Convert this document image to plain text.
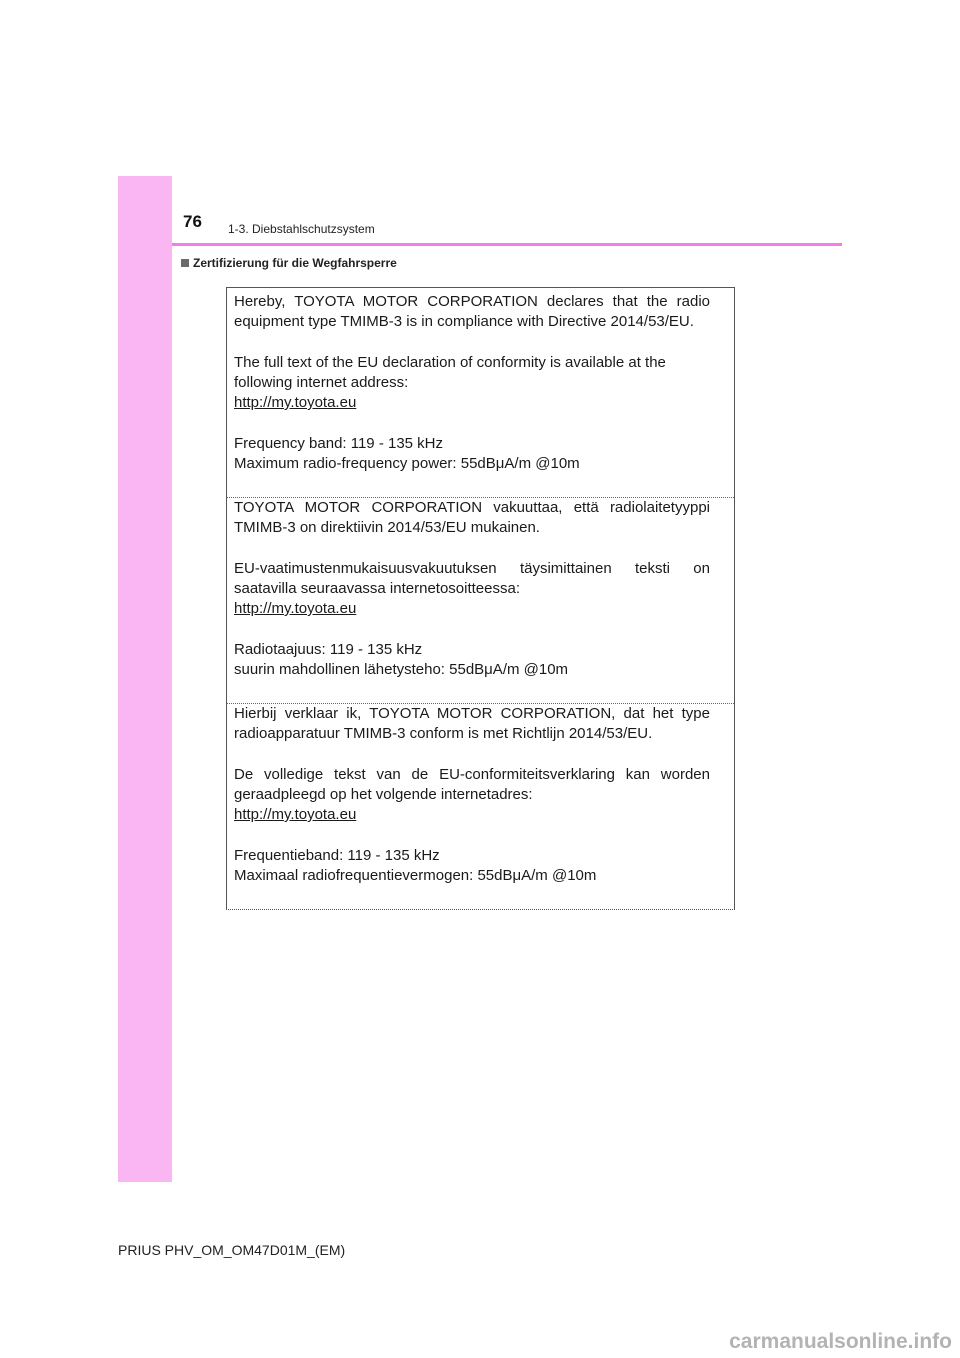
76 1-3. Diebstahlschutzsystem
Zertifizierung für die Wegfahrsperre

Hereby, TOYOTA MOTOR CORPORATION declares that the radio
equipment type TMIMB-3 is in compliance with Directive 2014/53/EU.

The full text of the EU declaration of conformity is available at the
following internet address:

http://my.toyota.eu

Frequency band: 119 - 135 kHz
Maximum radio-frequency power: 55dBμA/m @10m

TOYOTA MOTOR CORPORATION vakuuttaa, että radiolaitetyyppi
TMIMB-3 on direktiivin 2014/53/EU mukainen.

EU-vaatimustenmukaisuusvakuutuksen täysimittainen teksti on
saatavilla seuraavassa internetosoitteessa:

http://my.toyota.eu

Radiotaajuus: 119 - 135 kHz
suurin mahdollinen lähetysteho: 55dBμA/m @10m

Hierbij verklaar ik, TOYOTA MOTOR CORPORATION, dat het type
radioapparatuur TMIMB-3 conform is met Richtlijn 2014/53/EU.

De volledige tekst van de EU-conformiteitsverklaring kan worden
geraadpleegd op het volgende internetadres:

http://my.toyota.eu

Frequentieband: 119 - 135 kHz
Maximaal radiofrequentievermogen: 55dBμA/m @10m

PRIUS PHV_OM_OM47D01M_(EM)
carmanualsonline.info
